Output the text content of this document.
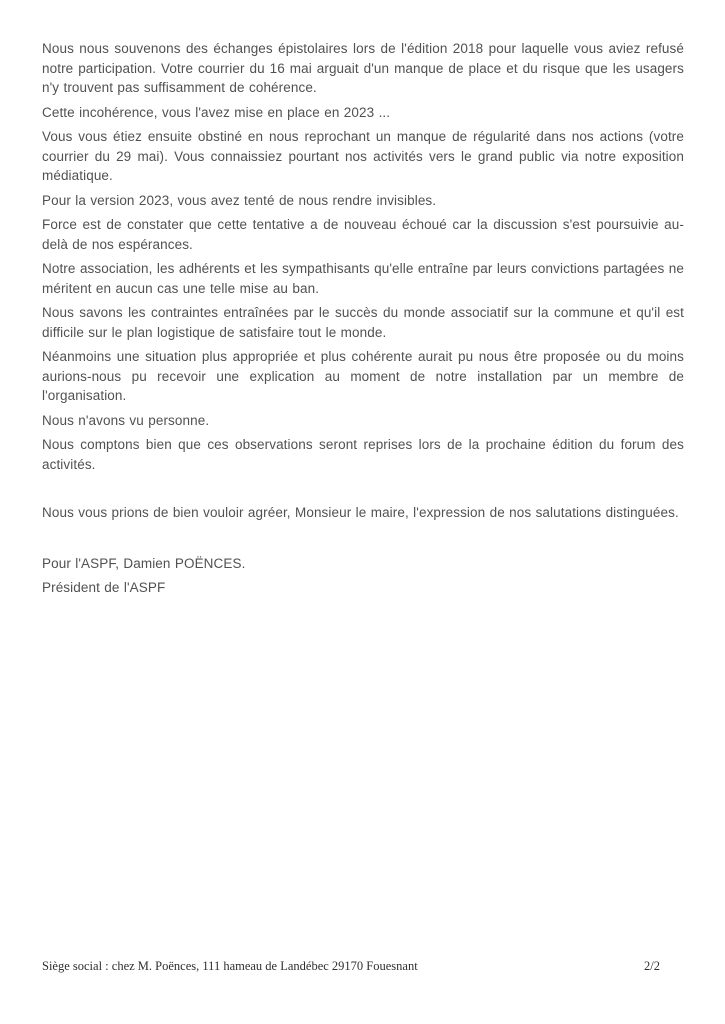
Nous nous souvenons des échanges épistolaires lors de l'édition 2018 pour laquelle vous aviez refusé notre participation. Votre courrier du 16 mai arguait d'un manque de place et du risque que les usagers n'y trouvent pas suffisamment de cohérence.

Cette incohérence, vous l'avez mise en place en 2023 ...

Vous vous étiez ensuite obstiné en nous reprochant un manque de régularité dans nos actions (votre courrier du 29 mai). Vous connaissiez pourtant nos activités vers le grand public via notre exposition médiatique.

Pour la version 2023, vous avez tenté de nous rendre invisibles.

Force est de constater que cette tentative a de nouveau échoué car la discussion s'est poursuivie au-delà de nos espérances.

Notre association, les adhérents et les sympathisants qu'elle entraîne par leurs convictions partagées ne méritent en aucun cas une telle mise au ban.

Nous savons les contraintes entraînées par le succès du monde associatif sur la commune et qu'il est difficile sur le plan logistique de satisfaire tout le monde.

Néanmoins une situation plus appropriée et plus cohérente aurait pu nous être proposée ou du moins aurions-nous pu recevoir une explication au moment de notre installation par un membre de l'organisation.

Nous n'avons vu personne.

Nous comptons bien que ces observations seront reprises lors de la prochaine édition du forum des activités.

Nous vous prions de bien vouloir agréer, Monsieur le maire, l'expression de nos salutations distinguées.

Pour l'ASPF, Damien POËNCES.

Président de l'ASPF

Siège social : chez M. Poënces, 111 hameau de Landébec 29170 Fouesnant	2/2
